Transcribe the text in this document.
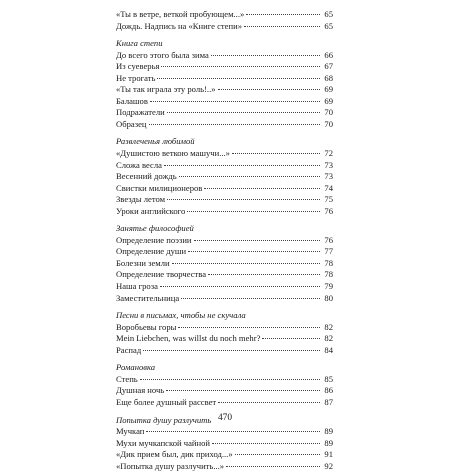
«Ты в ветре, веткой пробующем...»	65
Дождь. Надпись на «Книге степи»	65
Книга степи
До всего этого была зима	66
Из суеверья	67
Не трогать	68
«Ты так играла эту роль!..»	69
Балашов	69
Подражатели	70
Образец	70
Развлеченья любимой
«Душистою веткою машучи...»	72
Сложа весла	73
Весенний дождь	73
Свистки милиционеров	74
Звезды летом	75
Уроки английского	76
Занятье философией
Определение поэзии	76
Определение души	77
Болезни земли	78
Определение творчества	78
Наша гроза	79
Заместительница	80
Песни в письмах, чтобы не скучала
Воробьевы горы	82
Mein Liebchen, was willst du noch mehr?	82
Распад	84
Романовка
Степь	85
Душная ночь	86
Еще более душный рассвет	87
Попытка душу разлучить
Мучкап	89
Мухи мучкапской чайной	89
«Дик прием был, дик приход...»	91
«Попытка душу разлучить...»	92
470
